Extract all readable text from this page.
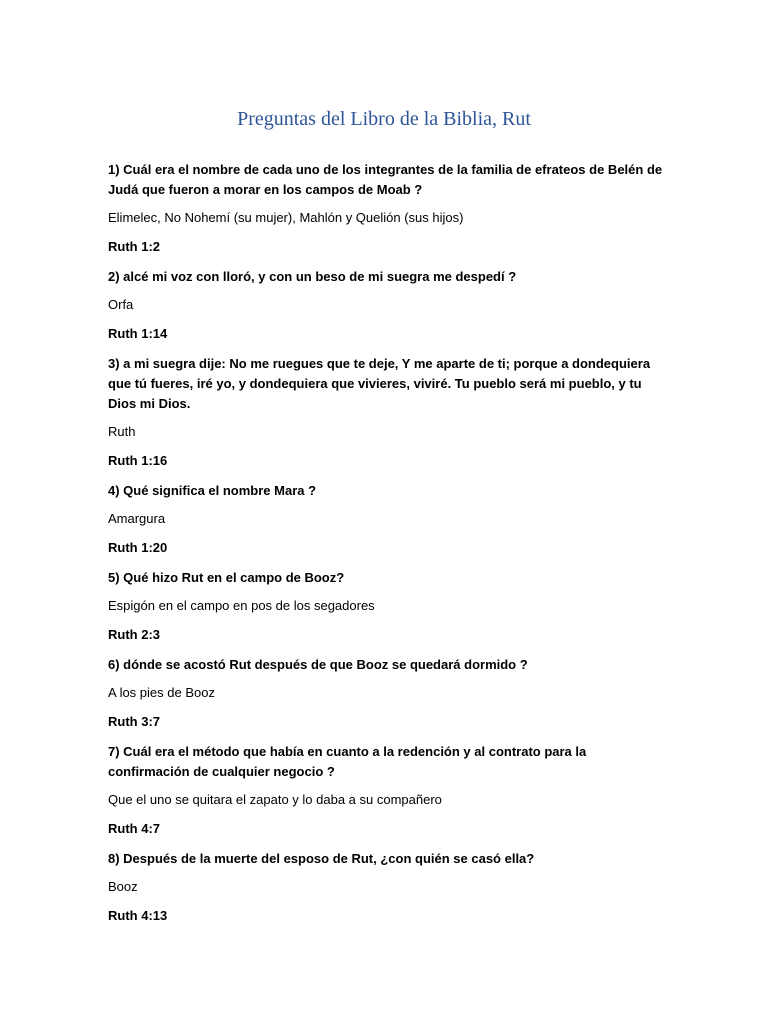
Preguntas del Libro de la Biblia, Rut

1) Cuál era el nombre de cada uno de los integrantes de la familia de efrateos de Belén de Judá que fueron a morar en los campos de Moab ?

Elimelec, No Nohemí (su mujer), Mahlón y Quelión (sus hijos)

Ruth 1:2

2) alcé mi voz con lloró, y con un beso de mi suegra me despedí ?

Orfa

Ruth 1:14

3) a mi suegra dije: No me ruegues que te deje, Y me aparte de ti; porque a dondequiera que tú fueres, iré yo, y dondequiera que vivieres, viviré. Tu pueblo será mi pueblo, y tu Dios mi Dios.

Ruth

Ruth 1:16

4) Qué significa el nombre Mara ?

Amargura

Ruth 1:20

5) Qué hizo Rut en el campo de Booz?

Espigón en el campo en pos de los segadores

Ruth 2:3

6) dónde se acostó Rut después de que Booz se quedará dormido ?

A los pies de Booz

Ruth 3:7

7) Cuál era el método que había en cuanto a la redención y al contrato para la confirmación de cualquier negocio ?

Que el uno se quitara el zapato y lo daba a su compañero

Ruth 4:7

8) Después de la muerte del esposo de Rut, ¿con quién se casó ella?

Booz

Ruth 4:13
